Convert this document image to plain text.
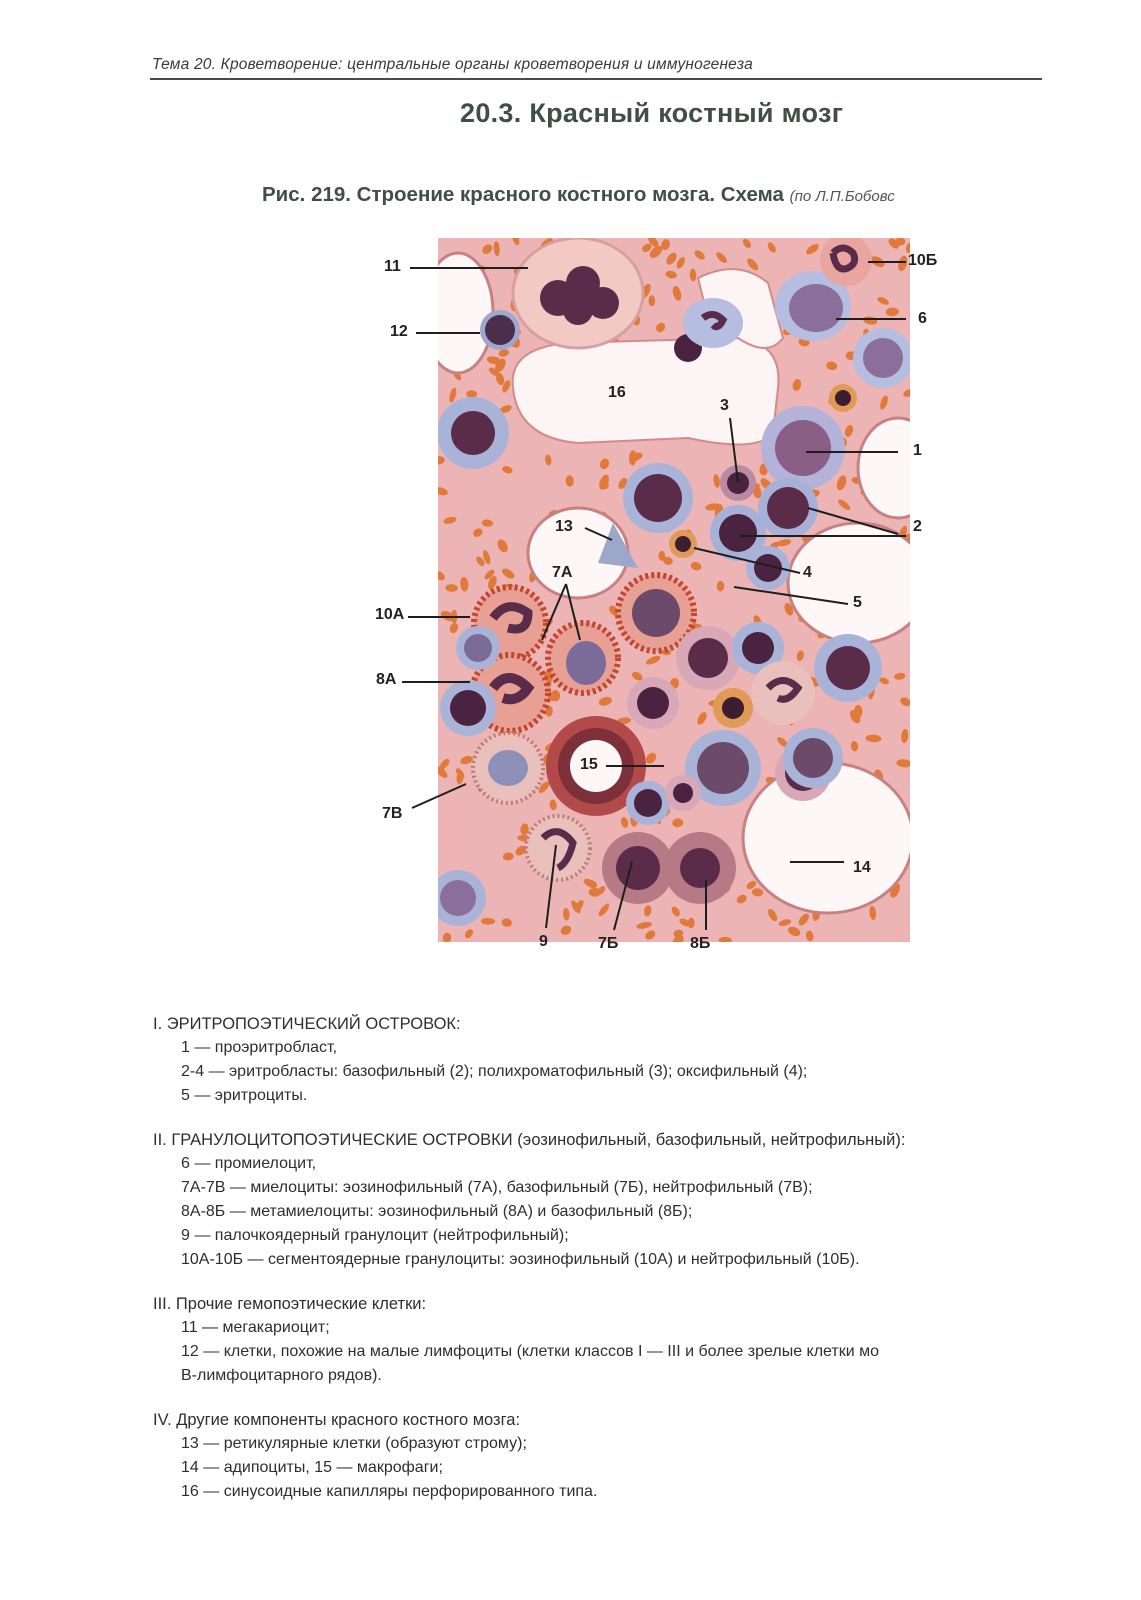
Тема 20. Кроветворение: центральные органы кроветворения и иммуногенеза
20.3. Красный костный мозг
Рис. 219. Строение красного костного мозга. Схема (по Л.П.Бобовс
11
12
10Б
6
16
3
1
2
13
7А	4
5
10А
8А
15
7В
14
9	7Б	8Б
I. ЭРИТРОПОЭТИЧЕСКИЙ ОСТРОВОК:
1 — проэритробласт,
2-4 — эритробласты: базофильный (2); полихроматофильный (3); оксифильный (4);
5 — эритроциты.
II. ГРАНУЛОЦИТОПОЭТИЧЕСКИЕ ОСТРОВКИ (эозинофильный, базофильный, нейтрофильный):
6 — промиелоцит,
7А-7В — миелоциты: эозинофильный (7А), базофильный (7Б), нейтрофильный (7В);
8А-8Б — метамиелоциты: эозинофильный (8А) и базофильный (8Б);
9 — палочкоядерный гранулоцит (нейтрофильный);
10А-10Б — сегментоядерные гранулоциты: эозинофильный (10А) и нейтрофильный (10Б).
III. Прочие гемопоэтические клетки:
11 — мегакариоцит;
12 — клетки, похожие на малые лимфоциты (клетки классов I — III и более зрелые клетки мо
В-лимфоцитарного рядов).
IV. Другие компоненты красного костного мозга:
13 — ретикулярные клетки (образуют строму);
14 — адипоциты, 15 — макрофаги;
16 — синусоидные капилляры перфорированного типа.
